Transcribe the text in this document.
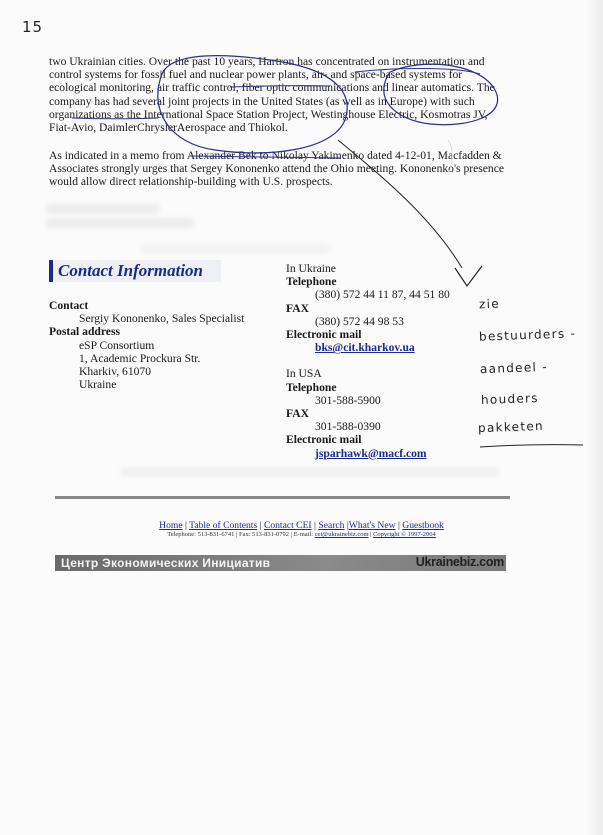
15

two Ukrainian cities. Over the past 10 years, Hartron has concentrated on instrumentation and control systems for fossil fuel and nuclear power plants, air- and space-based systems for ecological monitoring, air traffic control, fiber optic communications and linear automatics. The company has had several joint projects in the United States (as well as in Europe) with such organizations as the International Space Station Project, Westinghouse Electric, Kosmotras JV, Fiat-Avio, DaimlerChryslerAerospace and Thiokol.

As indicated in a memo from Alexander Bek to Nikolay Yakimenko dated 4-12-01, Macfadden & Associates strongly urges that Sergey Kononenko attend the Ohio meeting. Kononenko's presence would allow direct relationship-building with U.S. prospects.

Contact Information
Contact
Sergiy Kononenko, Sales Specialist
Postal address
eSP Consortium
1, Academic Prockura Str.
Kharkiv, 61070
Ukraine
In Ukraine
Telephone
(380) 572 44 11 87, 44 51 80
FAX
(380) 572 44 98 53
Electronic mail
bks@cit.kharkov.ua
In USA
Telephone
301-588-5900
FAX
301-588-0390
Electronic mail
jsparhawk@macf.com
Home | Table of Contents | Contact CEI | Search |What's New | Guestbook
Telephone: 513-831-6741 | Fax: 513-831-0792 | E-mail: cei@ukrainebiz.com | Copyright © 1997-2004
Центр Экономических Инициатив	Ukrainebiz.com
zie
bestuurders -
aandeel -
houders
pakketen
